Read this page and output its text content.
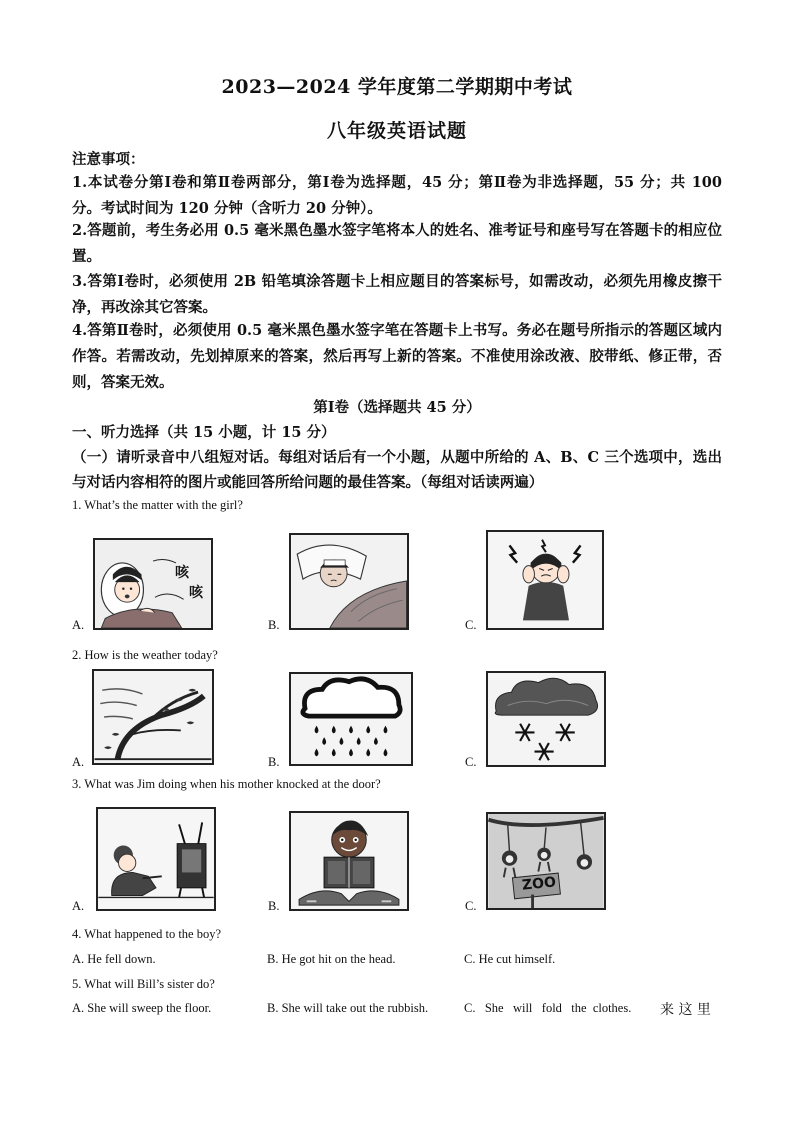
2023—2024 学年度第二学期期中考试
八年级英语试题
注意事项：
1.本试卷分第Ⅰ卷和第Ⅱ卷两部分，第Ⅰ卷为选择题，45 分；第Ⅱ卷为非选择题，55 分；共 100 分。考试时间为 120 分钟（含听力 20 分钟）。
2.答题前，考生务必用 0.5 毫米黑色墨水签字笔将本人的姓名、准考证号和座号写在答题卡的相应位置。
3.答第Ⅰ卷时，必须使用 2B 铅笔填涂答题卡上相应题目的答案标号，如需改动，必须先用橡皮擦干净，再改涂其它答案。
4.答第Ⅱ卷时，必须使用 0.5 毫米黑色墨水签字笔在答题卡上书写。务必在题号所指示的答题区域内作答。若需改动，先划掉原来的答案，然后再写上新的答案。不准使用涂改液、胶带纸、修正带，否则，答案无效。
第Ⅰ卷（选择题共 45 分）
一、听力选择（共 15 小题，计 15 分）
（一）请听录音中八组短对话。每组对话后有一个小题，从题中所给的 A、B、C 三个选项中，选出与对话内容相符的图片或能回答所给问题的最佳答案。（每组对话读两遍）
1. What’s the matter with the girl?
咳
咳
A.	B.	C.
2. How is the weather today?
A.	B.	C.
3. What was Jim doing when his mother knocked at the door?
A.	B.
ZOO
C.
4. What happened to the boy?
A. He fell down.	B. He got hit on the head.	C. He cut himself.
5. What will Bill’s sister do?
A. She will sweep the floor.	B. She will take out the rubbish.	C.   She   will   fold   the  clothes. 来 这 里
